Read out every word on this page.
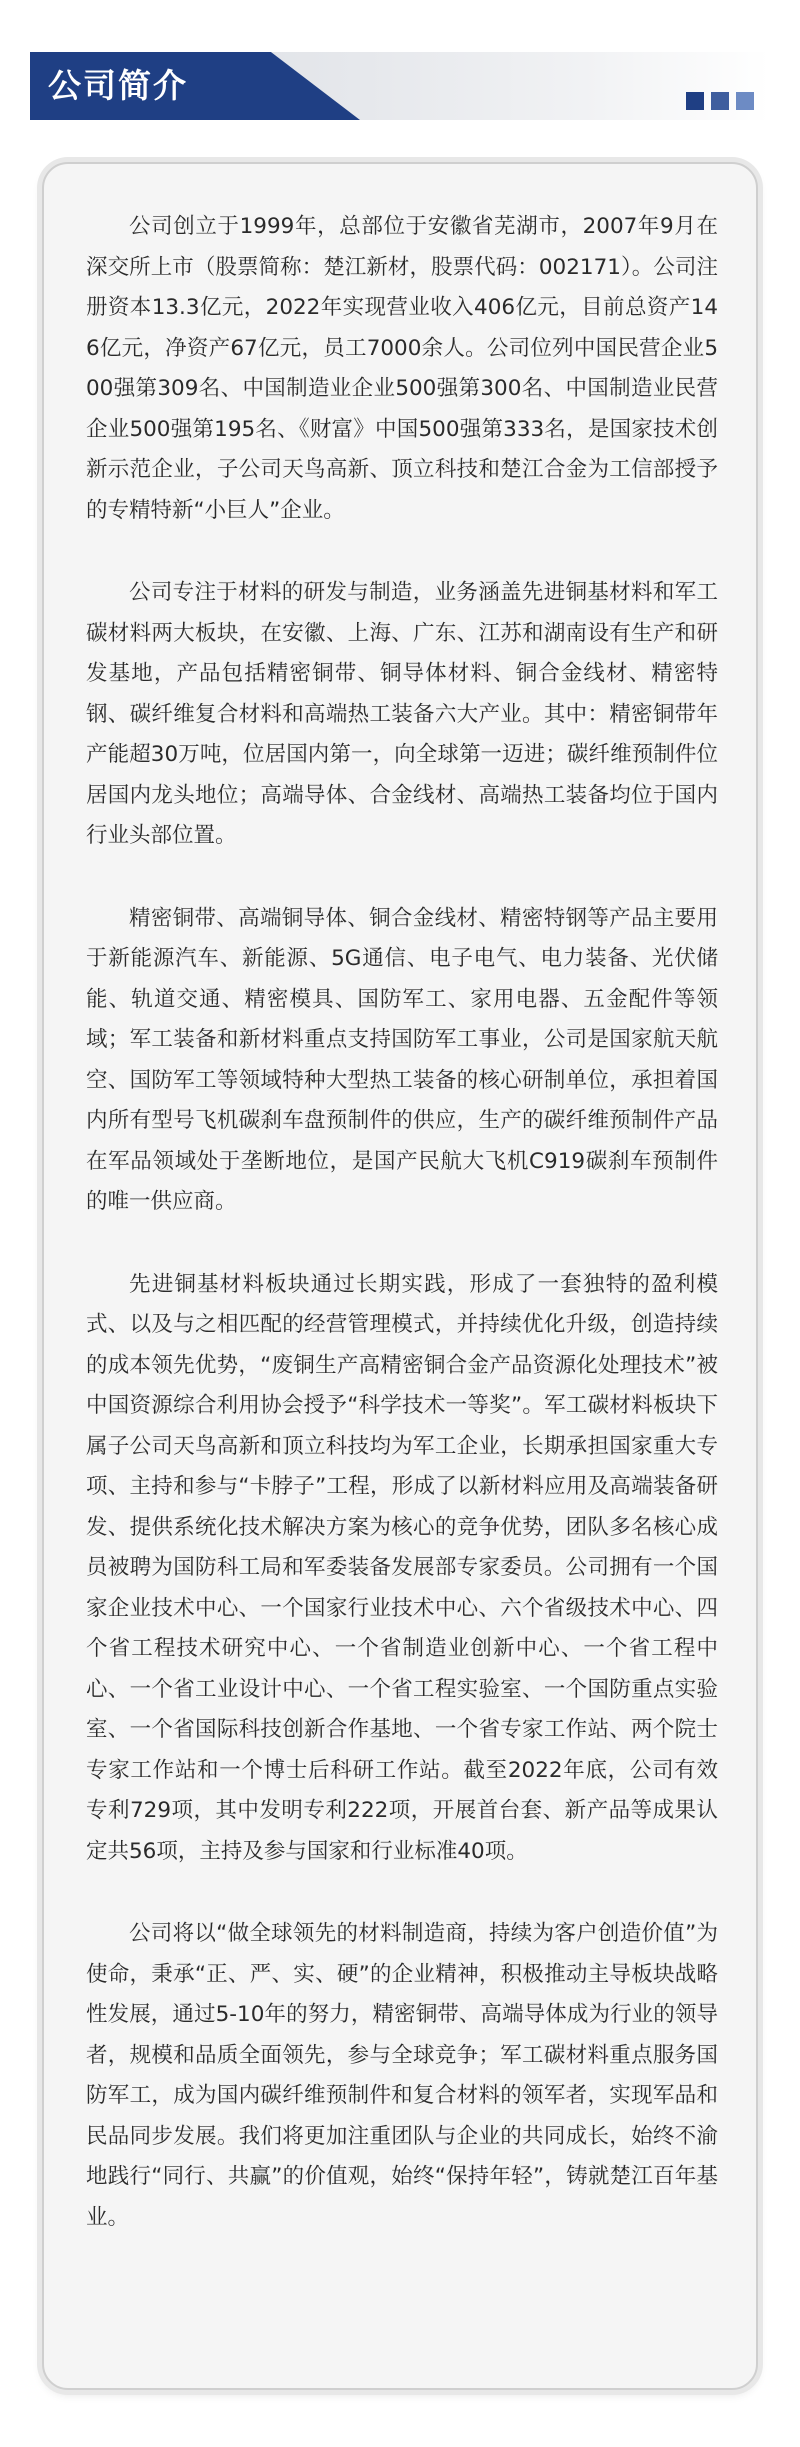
公司简介

公司创立于1999年，总部位于安徽省芜湖市，2007年9月在深交所上市（股票简称：楚江新材，股票代码：002171）。公司注册资本13.3亿元，2022年实现营业收入406亿元，目前总资产146亿元，净资产67亿元，员工7000余人。公司位列中国民营企业500强第309名、中国制造业企业500强第300名、中国制造业民营企业500强第195名、《财富》中国500强第333名，是国家技术创新示范企业，子公司天鸟高新、顶立科技和楚江合金为工信部授予的专精特新“小巨人”企业。

公司专注于材料的研发与制造，业务涵盖先进铜基材料和军工碳材料两大板块，在安徽、上海、广东、江苏和湖南设有生产和研发基地，产品包括精密铜带、铜导体材料、铜合金线材、精密特钢、碳纤维复合材料和高端热工装备六大产业。其中：精密铜带年产能超30万吨，位居国内第一，向全球第一迈进；碳纤维预制件位居国内龙头地位；高端导体、合金线材、高端热工装备均位于国内行业头部位置。

精密铜带、高端铜导体、铜合金线材、精密特钢等产品主要用于新能源汽车、新能源、5G通信、电子电气、电力装备、光伏储能、轨道交通、精密模具、国防军工、家用电器、五金配件等领域；军工装备和新材料重点支持国防军工事业，公司是国家航天航空、国防军工等领域特种大型热工装备的核心研制单位，承担着国内所有型号飞机碳刹车盘预制件的供应，生产的碳纤维预制件产品在军品领域处于垄断地位，是国产民航大飞机C919碳刹车预制件的唯一供应商。

先进铜基材料板块通过长期实践，形成了一套独特的盈利模式、以及与之相匹配的经营管理模式，并持续优化升级，创造持续的成本领先优势，“废铜生产高精密铜合金产品资源化处理技术”被中国资源综合利用协会授予“科学技术一等奖”。军工碳材料板块下属子公司天鸟高新和顶立科技均为军工企业，长期承担国家重大专项、主持和参与“卡脖子”工程，形成了以新材料应用及高端装备研发、提供系统化技术解决方案为核心的竞争优势，团队多名核心成员被聘为国防科工局和军委装备发展部专家委员。公司拥有一个国家企业技术中心、一个国家行业技术中心、六个省级技术中心、四个省工程技术研究中心、一个省制造业创新中心、一个省工程中心、一个省工业设计中心、一个省工程实验室、一个国防重点实验室、一个省国际科技创新合作基地、一个省专家工作站、两个院士专家工作站和一个博士后科研工作站。截至2022年底，公司有效专利729项，其中发明专利222项，开展首台套、新产品等成果认定共56项，主持及参与国家和行业标准40项。

公司将以“做全球领先的材料制造商，持续为客户创造价值”为使命，秉承“正、严、实、硬”的企业精神，积极推动主导板块战略性发展，通过5-10年的努力，精密铜带、高端导体成为行业的领导者，规模和品质全面领先，参与全球竞争；军工碳材料重点服务国防军工，成为国内碳纤维预制件和复合材料的领军者，实现军品和民品同步发展。我们将更加注重团队与企业的共同成长，始终不渝地践行“同行、共赢”的价值观，始终“保持年轻”，铸就楚江百年基业。
